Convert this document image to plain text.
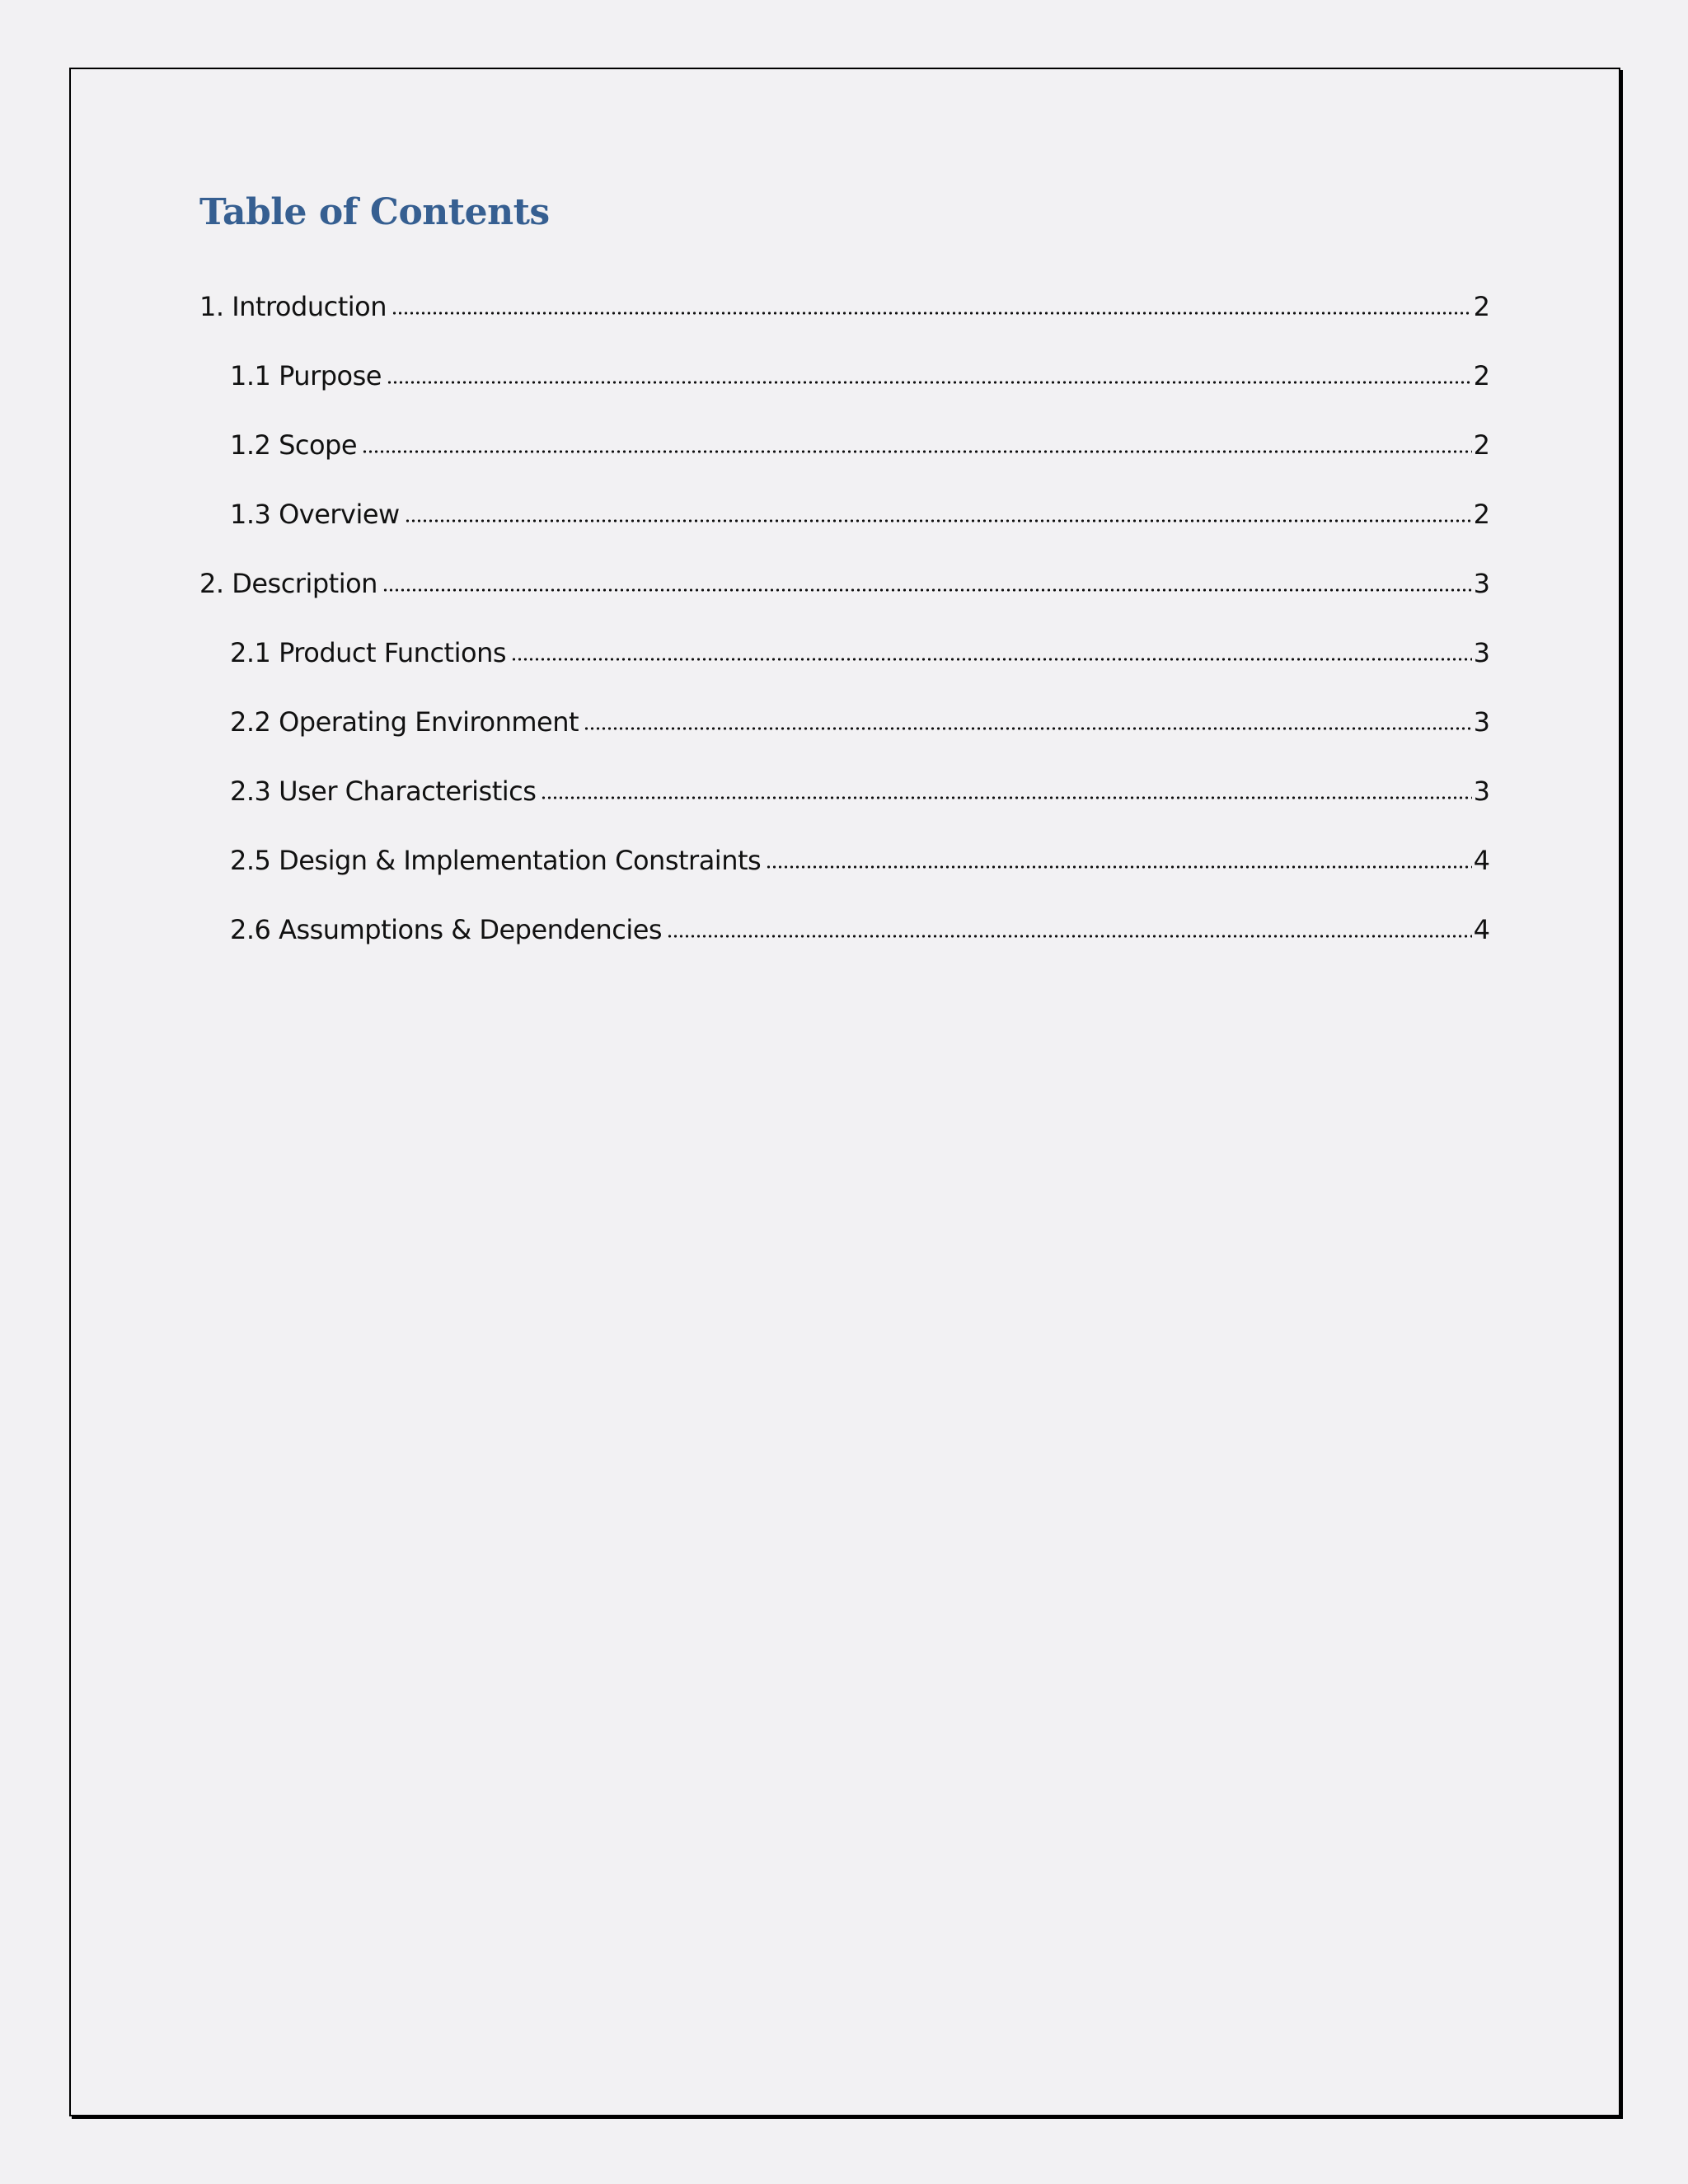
Table of Contents
1. Introduction	2
1.1 Purpose	2
1.2 Scope	2
1.3 Overview	2
2. Description	3
2.1 Product Functions	3
2.2 Operating Environment	3
2.3 User Characteristics	3
2.5 Design & Implementation Constraints	4
2.6 Assumptions & Dependencies	4
